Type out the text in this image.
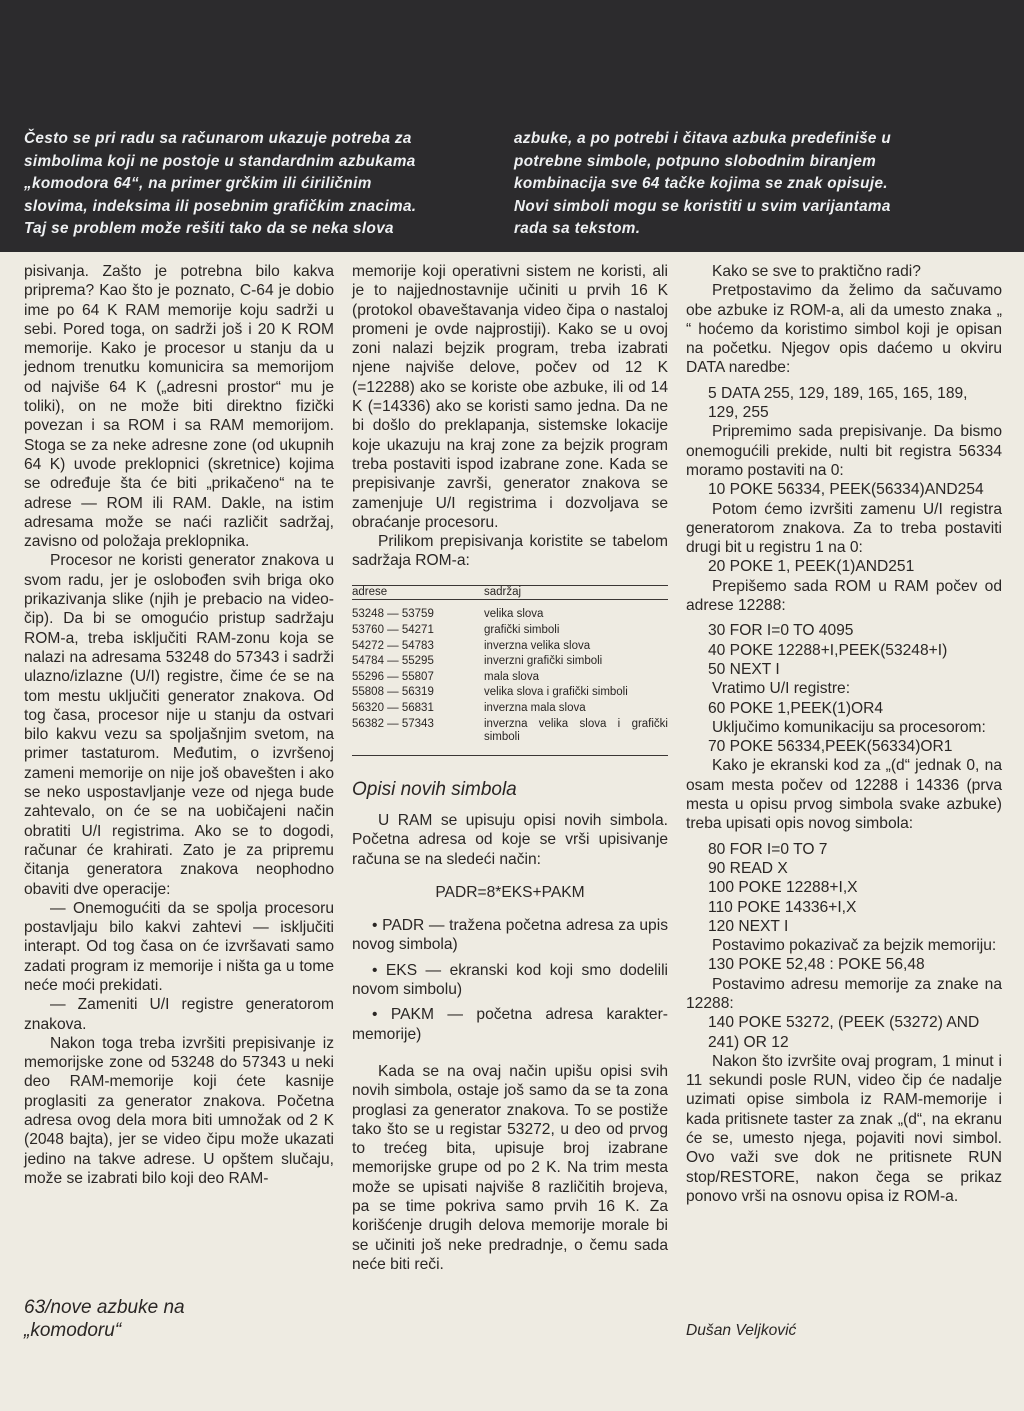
Često se pri radu sa računarom ukazuje potreba za
simbolima koji ne postoje u standardnim azbukama
„komodora 64“, na primer grčkim ili ćiriličnim
slovima, indeksima ili posebnim grafičkim znacima.
Taj se problem može rešiti tako da se neka slova
azbuke, a po potrebi i čitava azbuka predefiniše u
potrebne simbole, potpuno slobodnim biranjem
kombinacija sve 64 tačke kojima se znak opisuje.
Novi simboli mogu se koristiti u svim varijantama
rada sa tekstom.

pisivanja. Zašto je potrebna bilo kakva priprema? Kao što je poznato, C-64 je dobio ime po 64 K RAM memorije koju sadrži u sebi. Pored toga, on sadrži još i 20 K ROM memorije. Kako je procesor u stanju da u jednom trenutku komunicira sa memorijom od najviše 64 K („adresni prostor“ mu je toliki), on ne može biti direktno fizički povezan i sa ROM i sa RAM memorijom. Stoga se za neke adresne zone (od ukupnih 64 K) uvode preklopnici (skretnice) kojima se određuje šta će biti „prikačeno“ na te adrese — ROM ili RAM. Dakle, na istim adresama može se naći različit sadržaj, zavisno od položaja preklopnika.

Procesor ne koristi generator znakova u svom radu, jer je oslobođen svih briga oko prikazivanja slike (njih je prebacio na video-čip). Da bi se omogućio pristup sadržaju ROM-a, treba isključiti RAM-zonu koja se nalazi na adresama 53248 do 57343 i sadrži ulazno/izlazne (U/I) registre, čime će se na tom mestu uključiti generator znakova. Od tog časa, procesor nije u stanju da ostvari bilo kakvu vezu sa spoljašnjim svetom, na primer tastaturom. Međutim, o izvršenoj zameni memorije on nije još obavešten i ako se neko uspostavljanje veze od njega bude zahtevalo, on će se na uobičajeni način obratiti U/I registrima. Ako se to dogodi, računar će krahirati. Zato je za pripremu čitanja generatora znakova neophodno obaviti dve operacije:

— Onemogućiti da se spolja procesoru postavljaju bilo kakvi zahtevi — isključiti interapt. Od tog časa on će izvršavati samo zadati program iz memorije i ništa ga u tome neće moći prekidati.

— Zameniti U/I registre generatorom znakova.

Nakon toga treba izvršiti prepisivanje iz memorijske zone od 53248 do 57343 u neki deo RAM-memorije koji ćete kasnije proglasiti za generator znakova. Početna adresa ovog dela mora biti umnožak od 2 K (2048 bajta), jer se video čipu može ukazati jedino na takve adrese. U opštem slučaju, može se izabrati bilo koji deo RAM-

memorije koji operativni sistem ne koristi, ali je to najjednostavnije učiniti u prvih 16 K (protokol obaveštavanja video čipa o nastaloj promeni je ovde najprostiji). Kako se u ovoj zoni nalazi bejzik program, treba izabrati njene najviše delove, počev od 12 K (=12288) ako se koriste obe azbuke, ili od 14 K (=14336) ako se koristi samo jedna. Da ne bi došlo do preklapanja, sistemske lokacije koje ukazuju na kraj zone za bejzik program treba postaviti ispod izabrane zone. Kada se prepisivanje završi, generator znakova se zamenjuje U/I registrima i dozvoljava se obraćanje procesoru.

Prilikom prepisivanja koristite se tabelom sadržaja ROM-a:

adrese	sadržaj

53248 — 53759	velika slova
53760 — 54271	grafički simboli
54272 — 54783	inverzna velika slova
54784 — 55295	inverzni grafički simboli
55296 — 55807	mala slova
55808 — 56319	velika slova i grafički simboli
56320 — 56831	inverzna mala slova
56382 — 57343	inverzna velika slova i grafički simboli
Opisi novih simbola

U RAM se upisuju opisi novih simbola. Početna adresa od koje se vrši upisivanje računa se na sledeći način:

PADR=8*EKS+PAKM

• PADR — tražena početna adresa za upis novog simbola)

• EKS — ekranski kod koji smo dodelili novom simbolu)

• PAKM — početna adresa karakter-memorije)

Kada se na ovaj način upišu opisi svih novih simbola, ostaje još samo da se ta zona proglasi za generator znakova. To se postiže tako što se u registar 53272, u deo od prvog to trećeg bita, upisuje broj izabrane memorijske grupe od po 2 K. Na trim mesta može se upisati najviše 8 različitih brojeva, pa se time pokriva samo prvih 16 K. Za korišćenje drugih delova memorije morale bi se učiniti još neke predradnje, o čemu sada neće biti reči.

Kako se sve to praktično radi?

Pretpostavimo da želimo da sačuvamo obe azbuke iz ROM-a, ali da umesto znaka „ “ hoćemo da koristimo simbol koji je opisan na početku. Njegov opis daćemo u okviru DATA naredbe:

5 DATA 255, 129, 189, 165, 165, 189, 129, 255

Pripremimo sada prepisivanje. Da bismo onemogućili prekide, nulti bit registra 56334 moramo postaviti na 0:

10 POKE 56334, PEEK(56334)AND254

Potom ćemo izvršiti zamenu U/I registra generatorom znakova. Za to treba postaviti drugi bit u registru 1 na 0:

20 POKE 1, PEEK(1)AND251

Prepišemo sada ROM u RAM počev od adrese 12288:

30 FOR I=0 TO 4095

40 POKE 12288+I,PEEK(53248+I)

50 NEXT I

Vratimo U/I registre:

60 POKE 1,PEEK(1)OR4

Uključimo komunikaciju sa procesorom:

70 POKE 56334,PEEK(56334)OR1

Kako je ekranski kod za „(d“ jednak 0, na osam mesta počev od 12288 i 14336 (prva mesta u opisu prvog simbola svake azbuke) treba upisati opis novog simbola:

80 FOR I=0 TO 7

90 READ X

100 POKE 12288+I,X

110 POKE 14336+I,X

120 NEXT I

Postavimo pokazivač za bejzik memoriju:

130 POKE 52,48 : POKE 56,48

Postavimo adresu memorije za znake na 12288:

140 POKE 53272, (PEEK (53272) AND 241) OR 12

Nakon što izvršite ovaj program, 1 minut i 11 sekundi posle RUN, video čip će nadalje uzimati opise simbola iz RAM-memorije i kada pritisnete taster za znak „(d“, na ekranu će se, umesto njega, pojaviti novi simbol. Ovo važi sve dok ne pritisnete RUN stop/RESTORE, nakon čega se prikaz ponovo vrši na osnovu opisa iz ROM-a.

Dušan Veljković
63/nove azbuke na
„komodoru“
